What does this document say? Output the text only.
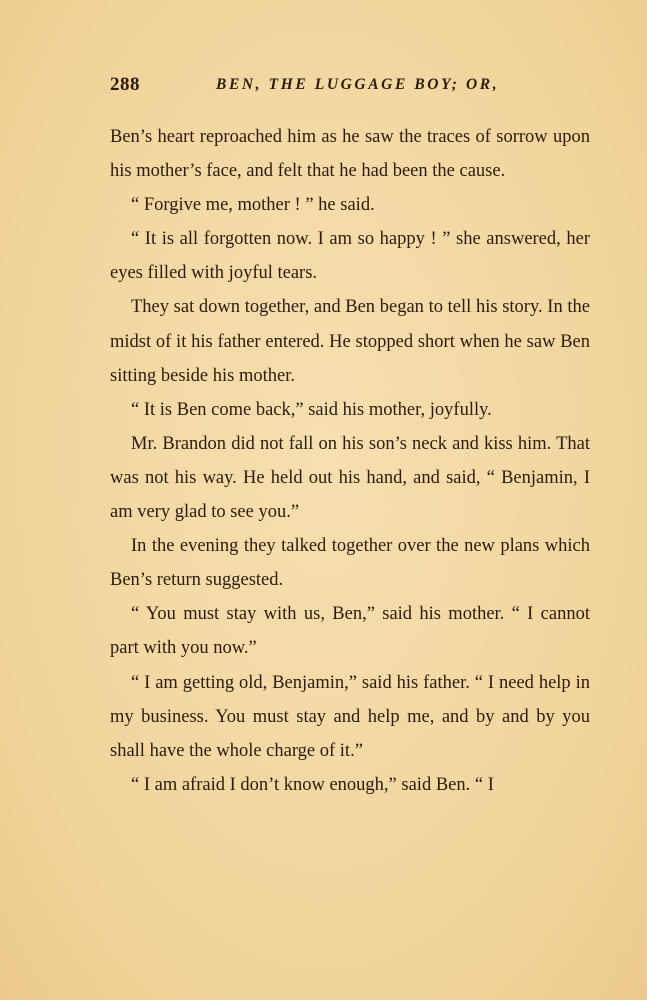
288	BEN, THE LUGGAGE BOY; OR,

Ben’s heart reproached him as he saw the traces of sorrow upon his mother’s face, and felt that he had been the cause.

“ Forgive me, mother ! ” he said.

“ It is all forgotten now. I am so happy ! ” she answered, her eyes filled with joyful tears.

They sat down together, and Ben began to tell his story. In the midst of it his father entered. He stopped short when he saw Ben sitting beside his mother.

“ It is Ben come back,” said his mother, joyfully.

Mr. Brandon did not fall on his son’s neck and kiss him. That was not his way. He held out his hand, and said, “ Benjamin, I am very glad to see you.”

In the evening they talked together over the new plans which Ben’s return suggested.

“ You must stay with us, Ben,” said his mother. “ I cannot part with you now.”

“ I am getting old, Benjamin,” said his father. “ I need help in my business. You must stay and help me, and by and by you shall have the whole charge of it.”

“ I am afraid I don’t know enough,” said Ben. “ I
